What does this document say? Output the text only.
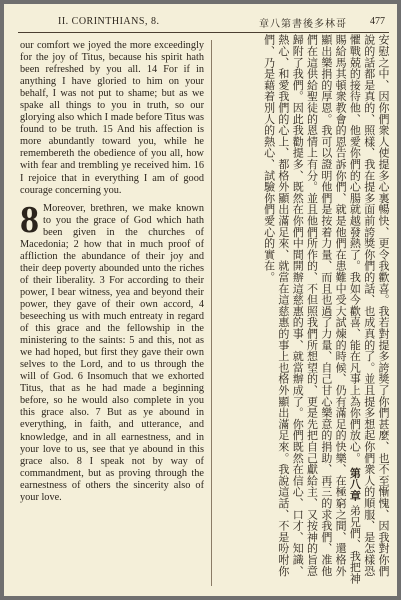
II. CORINTHIANS, 8.	章八第書後多林哥 477

our comfort we joyed the more exceedingly for the joy of Titus, because his spirit hath been refreshed by you all. 14 For if in anything I have gloried to him on your behalf, I was not put to shame; but as we spake all things to you in truth, so our glorying also which I made before Titus was found to be truth. 15 And his affection is more abundantly toward you, while he remembereth the obedience of you all, how with fear and trembling ye received him. 16 I rejoice that in everything I am of good courage concerning you.

8 Moreover, brethren, we make known to you the grace of God which hath been given in the churches of Macedonia; 2 how that in much proof of affliction the abundance of their joy and their deep poverty abounded unto the riches of their liberality. 3 For according to their power, I bear witness, yea and beyond their power, they gave of their own accord, 4 beseeching us with much entreaty in regard of this grace and the fellowship in the ministering to the saints: 5 and this, not as we had hoped, but first they gave their own selves to the Lord, and to us through the will of God. 6 Insomuch that we exhorted Titus, that as he had made a beginning before, so he would also complete in you this grace also. 7 But as ye abound in everything, in faith, and utterance, and knowledge, and in all earnestness, and in your love to us, see that ye abound in this grace also. 8 I speak not by way of commandment, but as proving through the earnestness of others the sincerity also of your love.	安慰之中、因你們衆人使提多心裏暢快、更令我歡喜。我若對提多誇獎了你們甚麼、也不至慚愧、因我對你們說的話都是真的、照樣、我在提多面前誇獎你們的話、也成真的了。並且提多想起你們衆人的順服、是怎樣恐懼戰兢的接待他、他愛你們的心腸就越發熱了。我如今歡喜、能在凡事上為你們放心。 第八章 弟兄們、我把神賜給馬其頓衆教會的恩告訴你們、就是他們在患難中受大試煉的時候、仍有滿足的快樂、在極窮之間、還格外顯出樂捐的厚恩。我可以證明他們是按着力量、而且也過了力量、自己甘心樂意的捐助、再三的求我們、准他們在這供給聖徒的恩情上有分。並且他們所作的、不但照我們所想望的、更是先把自己獻給主、又按神的旨意歸附了我們。因此我勸提多、既然在你們中間開辦這慈惠的事、就當辦成了。你們既然在信心、口才、知識、熱心、和愛我們的心上、都格外顯出滿足來、就當在這慈惠的事上也格外顯出滿足來。我說這話、不是吩咐你們、乃是藉着別人的熱心、試驗你們愛心的實在。
